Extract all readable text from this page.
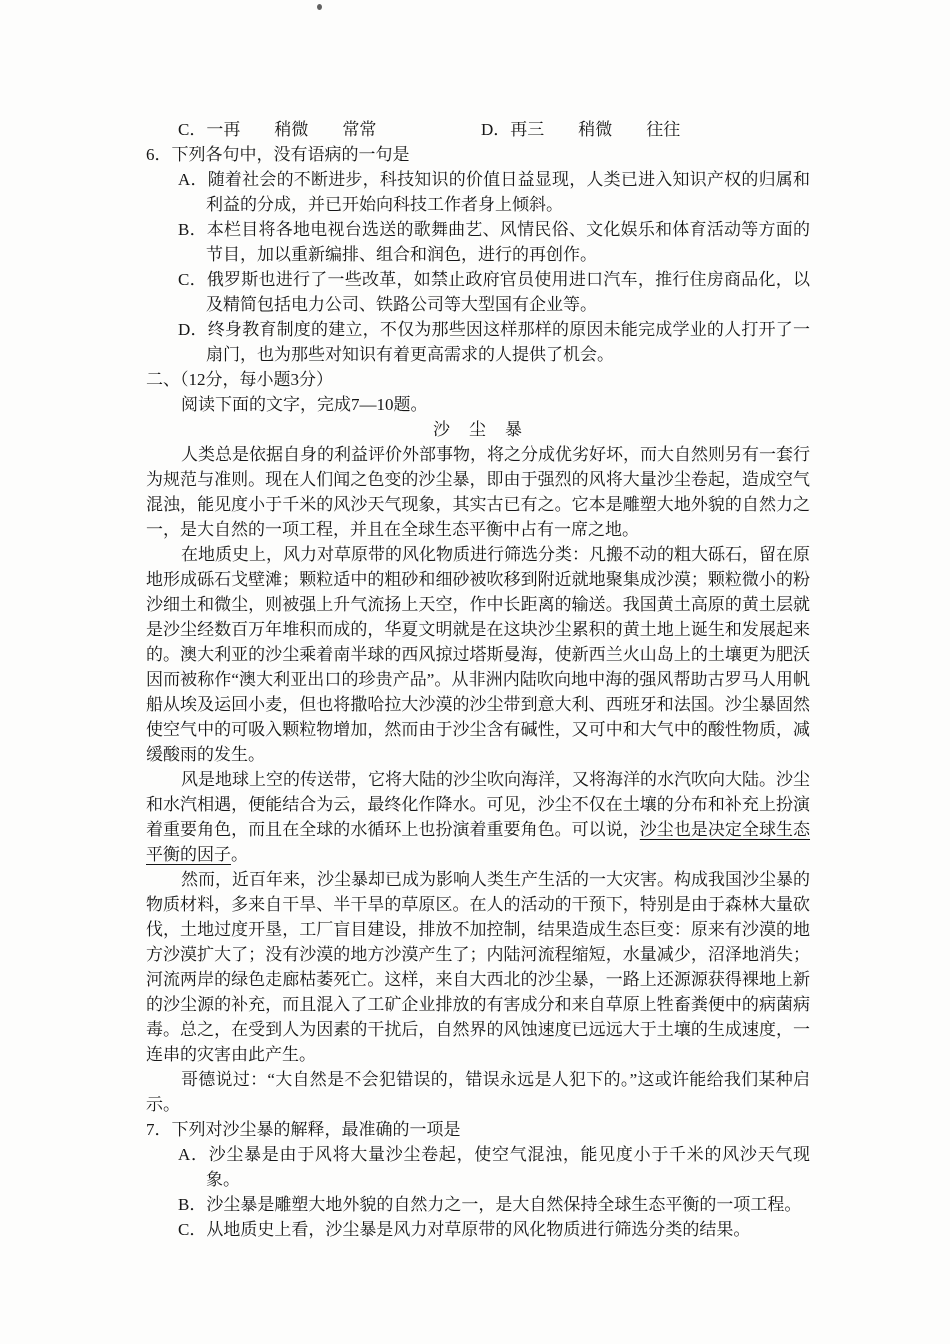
C．一再　　稍微　　常常	D．再三　　稍微　　往往
6．下列各句中，没有语病的一句是
A．随着社会的不断进步，科技知识的价值日益显现，人类已进入知识产权的归属和利益的分成，并已开始向科技工作者身上倾斜。
B．本栏目将各地电视台选送的歌舞曲艺、风情民俗、文化娱乐和体育活动等方面的节目，加以重新编排、组合和润色，进行的再创作。
C．俄罗斯也进行了一些改革，如禁止政府官员使用进口汽车，推行住房商品化，以及精简包括电力公司、铁路公司等大型国有企业等。
D．终身教育制度的建立，不仅为那些因这样那样的原因未能完成学业的人打开了一扇门，也为那些对知识有着更高需求的人提供了机会。
二、（12分，每小题3分）
阅读下面的文字，完成7—10题。
沙　尘　暴

人类总是依据自身的利益评价外部事物，将之分成优劣好坏，而大自然则另有一套行为规范与准则。现在人们闻之色变的沙尘暴，即由于强烈的风将大量沙尘卷起，造成空气混浊，能见度小于千米的风沙天气现象，其实古已有之。它本是雕塑大地外貌的自然力之一，是大自然的一项工程，并且在全球生态平衡中占有一席之地。

在地质史上，风力对草原带的风化物质进行筛选分类：凡搬不动的粗大砾石，留在原地形成砾石戈壁滩；颗粒适中的粗砂和细砂被吹移到附近就地聚集成沙漠；颗粒微小的粉沙细土和微尘，则被强上升气流扬上天空，作中长距离的输送。我国黄土高原的黄土层就是沙尘经数百万年堆积而成的，华夏文明就是在这块沙尘累积的黄土地上诞生和发展起来的。澳大利亚的沙尘乘着南半球的西风掠过塔斯曼海，使新西兰火山岛上的土壤更为肥沃因而被称作“澳大利亚出口的珍贵产品”。从非洲内陆吹向地中海的强风帮助古罗马人用帆船从埃及运回小麦，但也将撒哈拉大沙漠的沙尘带到意大利、西班牙和法国。沙尘暴固然使空气中的可吸入颗粒物增加，然而由于沙尘含有碱性，又可中和大气中的酸性物质，减缓酸雨的发生。

风是地球上空的传送带，它将大陆的沙尘吹向海洋，又将海洋的水汽吹向大陆。沙尘和水汽相遇，便能结合为云，最终化作降水。可见，沙尘不仅在土壤的分布和补充上扮演着重要角色，而且在全球的水循环上也扮演着重要角色。可以说，沙尘也是决定全球生态平衡的因子。

然而，近百年来，沙尘暴却已成为影响人类生产生活的一大灾害。构成我国沙尘暴的物质材料，多来自干旱、半干旱的草原区。在人的活动的干预下，特别是由于森林大量砍伐，土地过度开垦，工厂盲目建设，排放不加控制，结果造成生态巨变：原来有沙漠的地方沙漠扩大了；没有沙漠的地方沙漠产生了；内陆河流程缩短，水量减少，沼泽地消失；河流两岸的绿色走廊枯萎死亡。这样，来自大西北的沙尘暴，一路上还源源获得裸地上新的沙尘源的补充，而且混入了工矿企业排放的有害成分和来自草原上牲畜粪便中的病菌病毒。总之，在受到人为因素的干扰后，自然界的风蚀速度已远远大于土壤的生成速度，一连串的灾害由此产生。

哥德说过：“大自然是不会犯错误的，错误永远是人犯下的。”这或许能给我们某种启示。

7．下列对沙尘暴的解释，最准确的一项是
A．沙尘暴是由于风将大量沙尘卷起，使空气混浊，能见度小于千米的风沙天气现象。
B．沙尘暴是雕塑大地外貌的自然力之一，是大自然保持全球生态平衡的一项工程。
C．从地质史上看，沙尘暴是风力对草原带的风化物质进行筛选分类的结果。
